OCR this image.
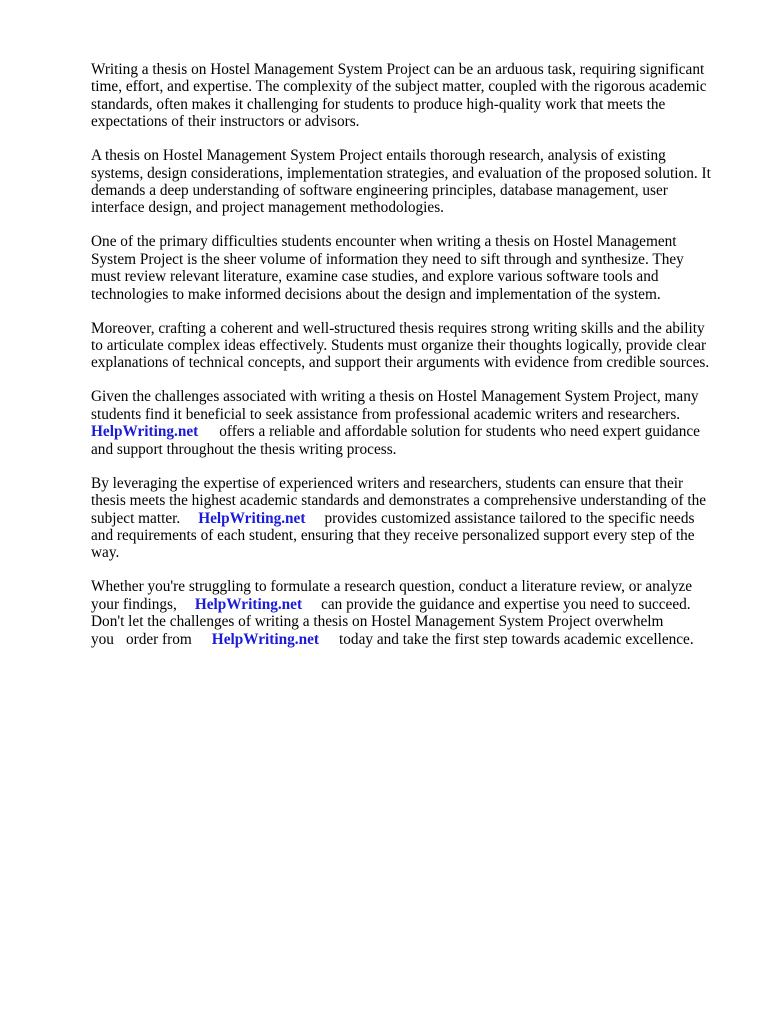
Writing a thesis on Hostel Management System Project can be an arduous task, requiring significant
time, effort, and expertise. The complexity of the subject matter, coupled with the rigorous academic
standards, often makes it challenging for students to produce high-quality work that meets the
expectations of their instructors or advisors.

A thesis on Hostel Management System Project entails thorough research, analysis of existing
systems, design considerations, implementation strategies, and evaluation of the proposed solution. It
demands a deep understanding of software engineering principles, database management, user
interface design, and project management methodologies.

One of the primary difficulties students encounter when writing a thesis on Hostel Management
System Project is the sheer volume of information they need to sift through and synthesize. They
must review relevant literature, examine case studies, and explore various software tools and
technologies to make informed decisions about the design and implementation of the system.

Moreover, crafting a coherent and well-structured thesis requires strong writing skills and the ability
to articulate complex ideas effectively. Students must organize their thoughts logically, provide clear
explanations of technical concepts, and support their arguments with evidence from credible sources.

Given the challenges associated with writing a thesis on Hostel Management System Project, many
students find it beneficial to seek assistance from professional academic writers and researchers.
HelpWriting.net offers a reliable and affordable solution for students who need expert guidance
and support throughout the thesis writing process.

By leveraging the expertise of experienced writers and researchers, students can ensure that their
thesis meets the highest academic standards and demonstrates a comprehensive understanding of the
subject matter. HelpWriting.net provides customized assistance tailored to the specific needs
and requirements of each student, ensuring that they receive personalized support every step of the
way.

Whether you're struggling to formulate a research question, conduct a literature review, or analyze
your findings, HelpWriting.net can provide the guidance and expertise you need to succeed.
Don't let the challenges of writing a thesis on Hostel Management System Project overwhelm
you order from HelpWriting.net today and take the first step towards academic excellence.
